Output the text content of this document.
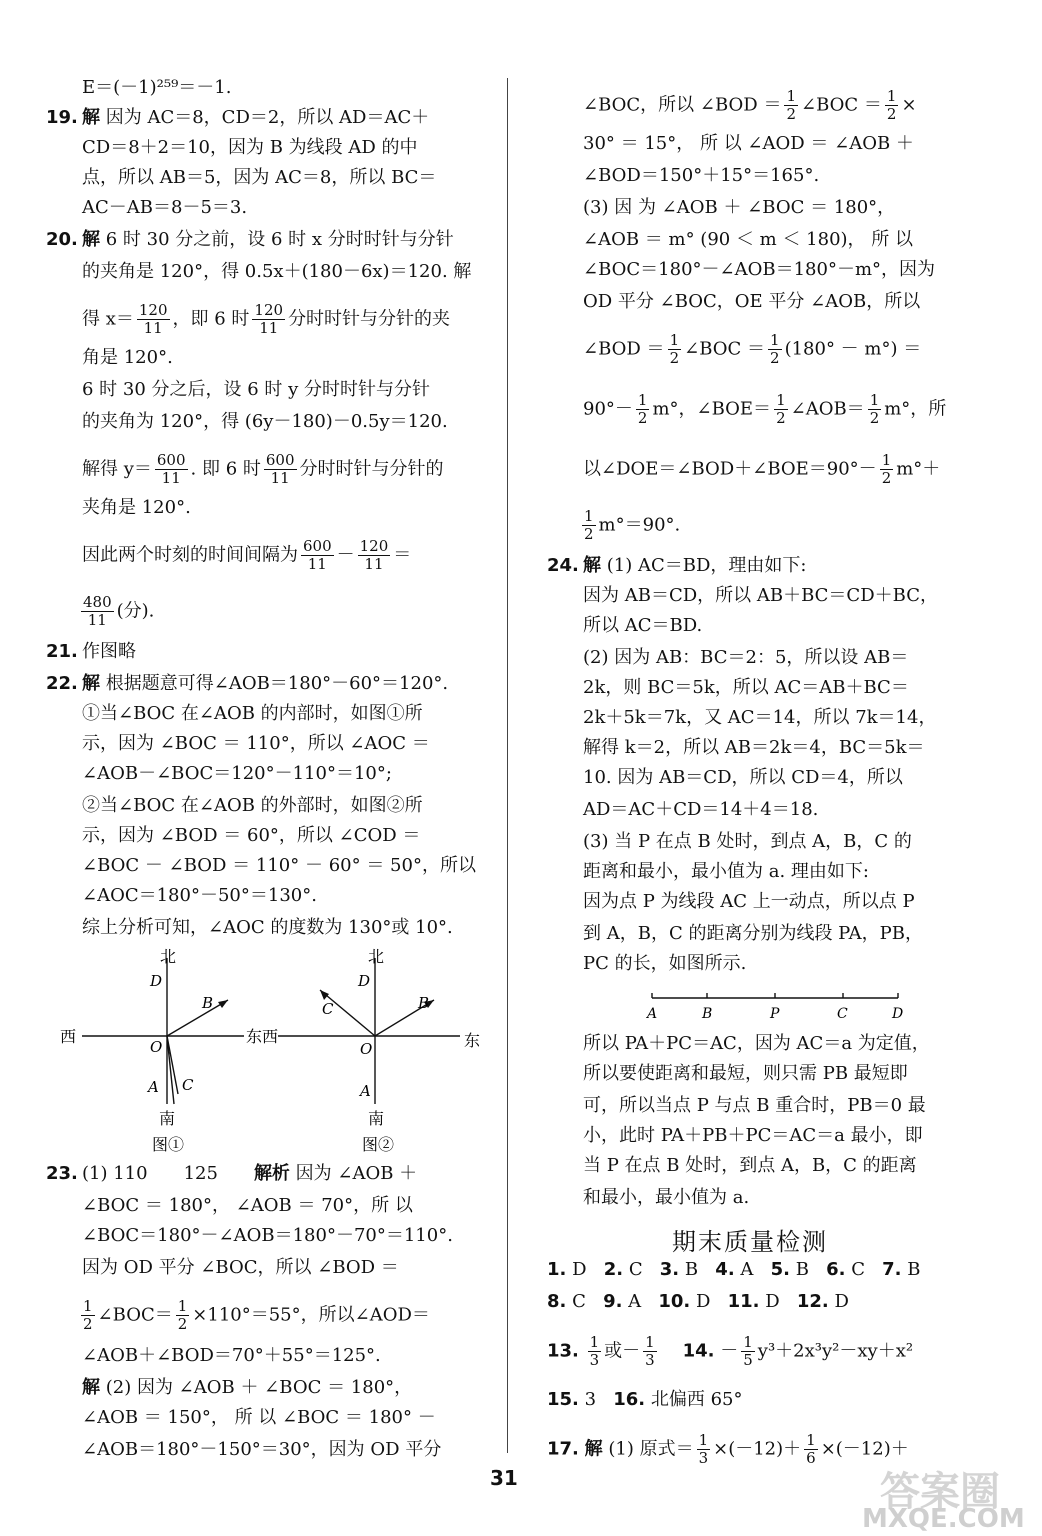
E＝(－1)²⁵⁹＝－1.
19. 解 因为 AC＝8，CD＝2，所以 AD＝AC＋
CD＝8＋2＝10，因为 B 为线段 AD 的中
点，所以 AB＝5，因为 AC＝8，所以 BC＝
AC－AB＝8－5＝3.
20. 解 6 时 30 分之前，设 6 时 x 分时时针与分针
的夹角是 120°，得 0.5x＋(180－6x)＝120. 解
得 $x= \frac{120}{11}$ ，即 6 时 $\frac{120}{11}$ 分时时针与分针的夹
角是 120°.
6 时 30 分之后，设 6 时 y 分时时针与分针
的夹角为 120°，得 (6y－180)－0.5y＝120.
解得 $y= \frac{600}{11}$ . 即 6 时 $\frac{600}{11}$ 分时时针与分针的
夹角是 120°.
因此两个时刻的时间间隔为 $\frac{600}{11} - \frac{120}{11}$ ＝
$\frac{480}{11}$ (分).
21. 作图略
22. 解 根据题意可得∠AOB＝180°－60°＝120°.
①当∠BOC 在∠AOB 的内部时，如图①所
示，因为 ∠BOC ＝ 110°，所以 ∠AOC ＝
∠AOB－∠BOC＝120°－110°＝10°;
②当∠BOC 在∠AOB 的外部时，如图②所
示，因为 ∠BOD ＝ 60°，所以 ∠COD ＝
∠BOC － ∠BOD ＝ 110° － 60° ＝ 50°，所以
∠AOC＝180°－50°＝130°.
综上分析可知，∠AOC 的度数为 130°或 10°.
北
D
B
西	东
O
A C
南
图①
北
D
B
C
西	东
O
A
南
图②
23. (1) 110　　125　　解析 因为 ∠AOB ＋
∠BOC ＝ 180°， ∠AOB ＝ 70°，所 以
∠BOC＝180°－∠AOB＝180°－70°＝110°.
因为 OD 平分 ∠BOC，所以 ∠BOD ＝
$\frac{1}{2}$ ∠BOC＝ $\frac{1}{2} \times 110^\circ=55^\circ$，所以∠AOD＝
∠AOB＋∠BOD＝70°＋55°＝125°.
解 (2) 因为 ∠AOB ＋ ∠BOC ＝ 180°，
∠AOB ＝ 150°， 所 以 ∠BOC ＝ 180° －
∠AOB＝180°－150°＝30°，因为 OD 平分
∠BOC，所以 ∠BOD ＝ $\frac{1}{2}$ ∠BOC ＝ $\frac{1}{2}$ ×
30° ＝ 15°， 所 以 ∠AOD ＝ ∠AOB ＋
∠BOD＝150°＋15°＝165°.
(3) 因 为 ∠AOB ＋ ∠BOC ＝ 180°，
∠AOB ＝ m° (90 ＜ m ＜ 180)， 所 以
∠BOC＝180°－∠AOB＝180°－m°，因为
OD 平分 ∠BOC，OE 平分 ∠AOB，所以
∠BOD ＝ $\frac{1}{2}$ ∠BOC ＝ $\frac{1}{2} (180^\circ - m^\circ)$ ＝
$90^\circ- \frac{1}{2} m^\circ$，∠BOE＝ $\frac{1}{2}$ ∠AOB＝ $\frac{1}{2} m^\circ$，所
以∠DOE＝∠BOD＋∠BOE＝90°－ $\frac{1}{2} m^\circ+$
$\frac{1}{2} m^\circ=90^\circ$.
24. 解 (1) AC＝BD，理由如下:
因为 AB＝CD，所以 AB＋BC＝CD＋BC，
所以 AC＝BD.
(2) 因为 AB：BC＝2：5，所以设 AB＝
2k，则 BC＝5k，所以 AC＝AB＋BC＝
2k＋5k＝7k，又 AC＝14，所以 7k＝14，
解得 k＝2，所以 AB＝2k＝4，BC＝5k＝
10. 因为 AB＝CD，所以 CD＝4，所以
AD＝AC＋CD＝14＋4＝18.
(3) 当 P 在点 B 处时，到点 A，B，C 的
距离和最小，最小值为 a. 理由如下:
因为点 P 为线段 AC 上一动点，所以点 P
到 A，B，C 的距离分别为线段 PA，PB，
PC 的长，如图所示.
所以 PA＋PC＝AC，因为 AC＝a 为定值，
所以要使距离和最短，则只需 PB 最短即
可，所以当点 P 与点 B 重合时，PB＝0 最
小，此时 PA＋PB＋PC＝AC＝a 最小，即
当 P 在点 B 处时，到点 A，B，C 的距离
和最小，最小值为 a.
A	B	P	C	D
期末质量检测
1. D 2. C 3. B 4. A 5. B 6. C 7. B
8. C 9. A 10. D 11. D 12. D
13. $\frac{1}{3}$ 或－ $\frac{1}{3} 14$. － $\frac{1}{5} y^3+2x^3y^2-xy+x^2$
15. 3 16. 北偏西 65°
17. 解 (1) 原式＝ $\frac{1}{3} \times(-12)+ \frac{1}{6} \times(-12)+$
31	答案圈
MXQE.COM
